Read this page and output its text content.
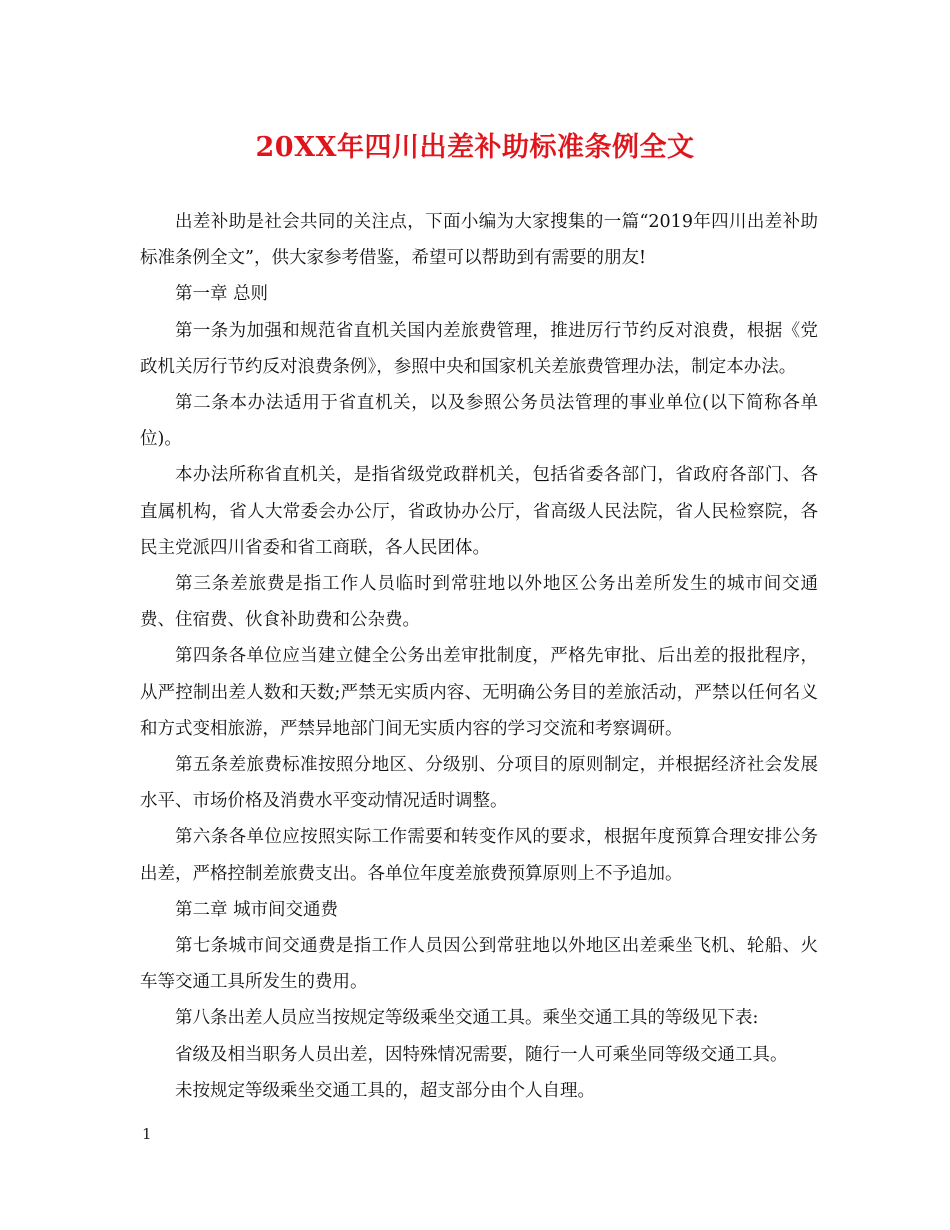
20XX年四川出差补助标准条例全文

出差补助是社会共同的关注点，下面小编为大家搜集的一篇“2019年四川出差补助标准条例全文”，供大家参考借鉴，希望可以帮助到有需要的朋友!

第一章 总则

第一条为加强和规范省直机关国内差旅费管理，推进厉行节约反对浪费，根据《党政机关厉行节约反对浪费条例》，参照中央和国家机关差旅费管理办法，制定本办法。

第二条本办法适用于省直机关，以及参照公务员法管理的事业单位(以下简称各单位)。

本办法所称省直机关，是指省级党政群机关，包括省委各部门，省政府各部门、各直属机构，省人大常委会办公厅，省政协办公厅，省高级人民法院，省人民检察院，各民主党派四川省委和省工商联，各人民团体。

第三条差旅费是指工作人员临时到常驻地以外地区公务出差所发生的城市间交通费、住宿费、伙食补助费和公杂费。

第四条各单位应当建立健全公务出差审批制度，严格先审批、后出差的报批程序，从严控制出差人数和天数;严禁无实质内容、无明确公务目的差旅活动，严禁以任何名义和方式变相旅游，严禁异地部门间无实质内容的学习交流和考察调研。

第五条差旅费标准按照分地区、分级别、分项目的原则制定，并根据经济社会发展水平、市场价格及消费水平变动情况适时调整。

第六条各单位应按照实际工作需要和转变作风的要求，根据年度预算合理安排公务出差，严格控制差旅费支出。各单位年度差旅费预算原则上不予追加。

第二章 城市间交通费

第七条城市间交通费是指工作人员因公到常驻地以外地区出差乘坐飞机、轮船、火车等交通工具所发生的费用。

第八条出差人员应当按规定等级乘坐交通工具。乘坐交通工具的等级见下表:

省级及相当职务人员出差，因特殊情况需要，随行一人可乘坐同等级交通工具。

未按规定等级乘坐交通工具的，超支部分由个人自理。

1
